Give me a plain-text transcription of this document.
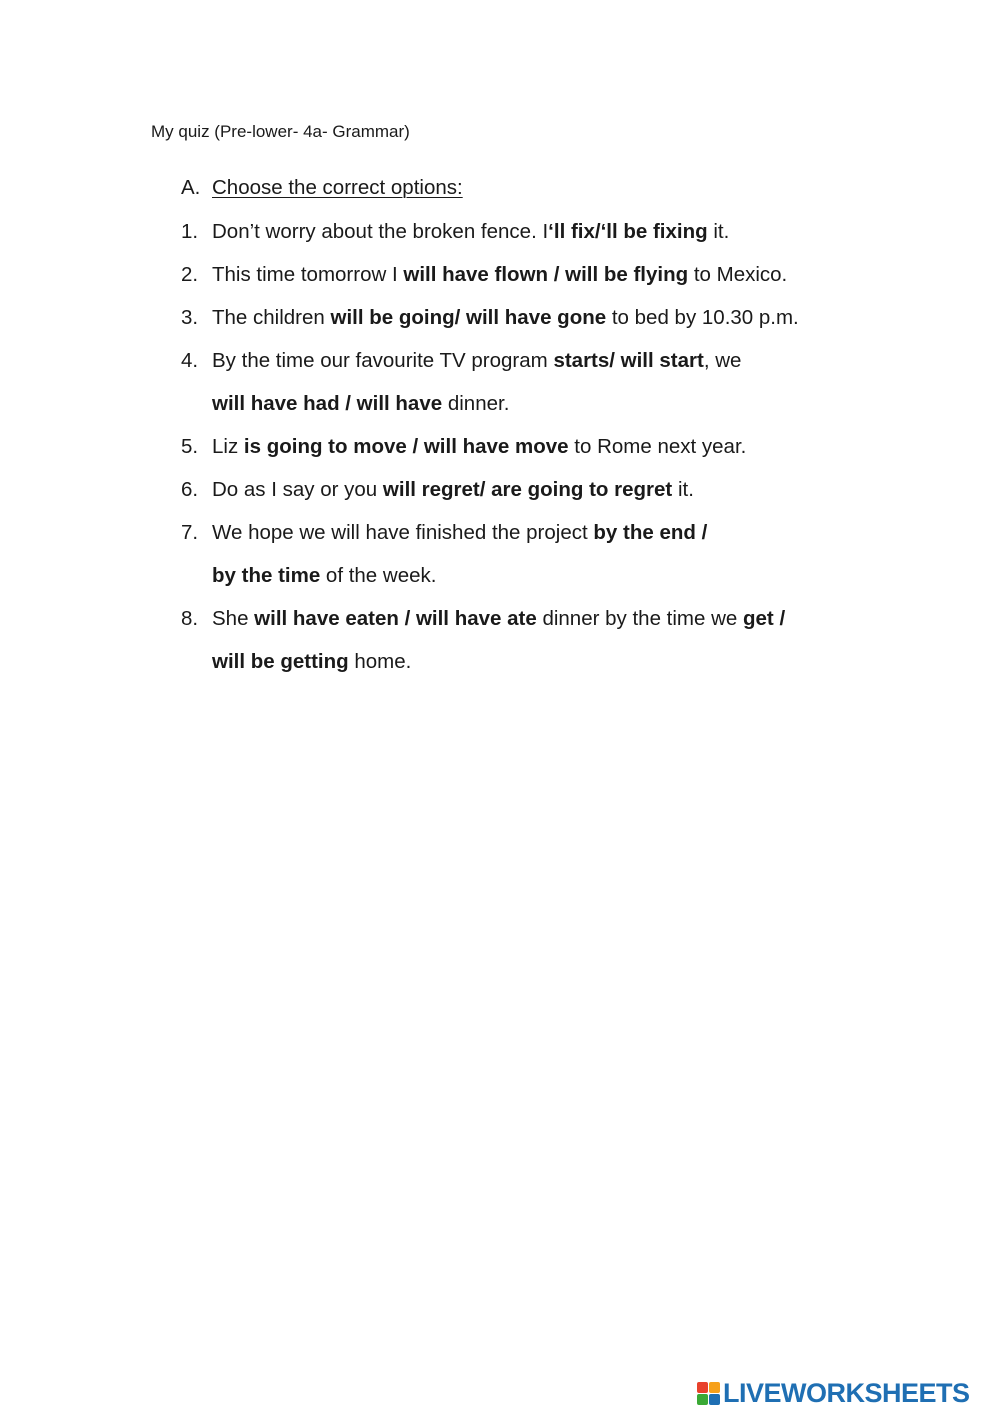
My quiz (Pre-lower- 4a- Grammar)
A. Choose the correct options:
1. Don’t worry about the broken fence. I‘ll fix/‘ll be fixing it.
2. This time tomorrow I will have flown / will be flying to Mexico.
3. The children will be going/ will have gone to bed by 10.30 p.m.
4. By the time our favourite TV program starts/ will start, we
will have had / will have dinner.
5. Liz is going to move / will have move to Rome next year.
6. Do as I say or you will regret/ are going to regret it.
7. We hope we will have finished the project by the end /
by the time of the week.
8. She will have eaten / will have ate dinner by the time we get /
will be getting home.
LIVEWORKSHEETS
